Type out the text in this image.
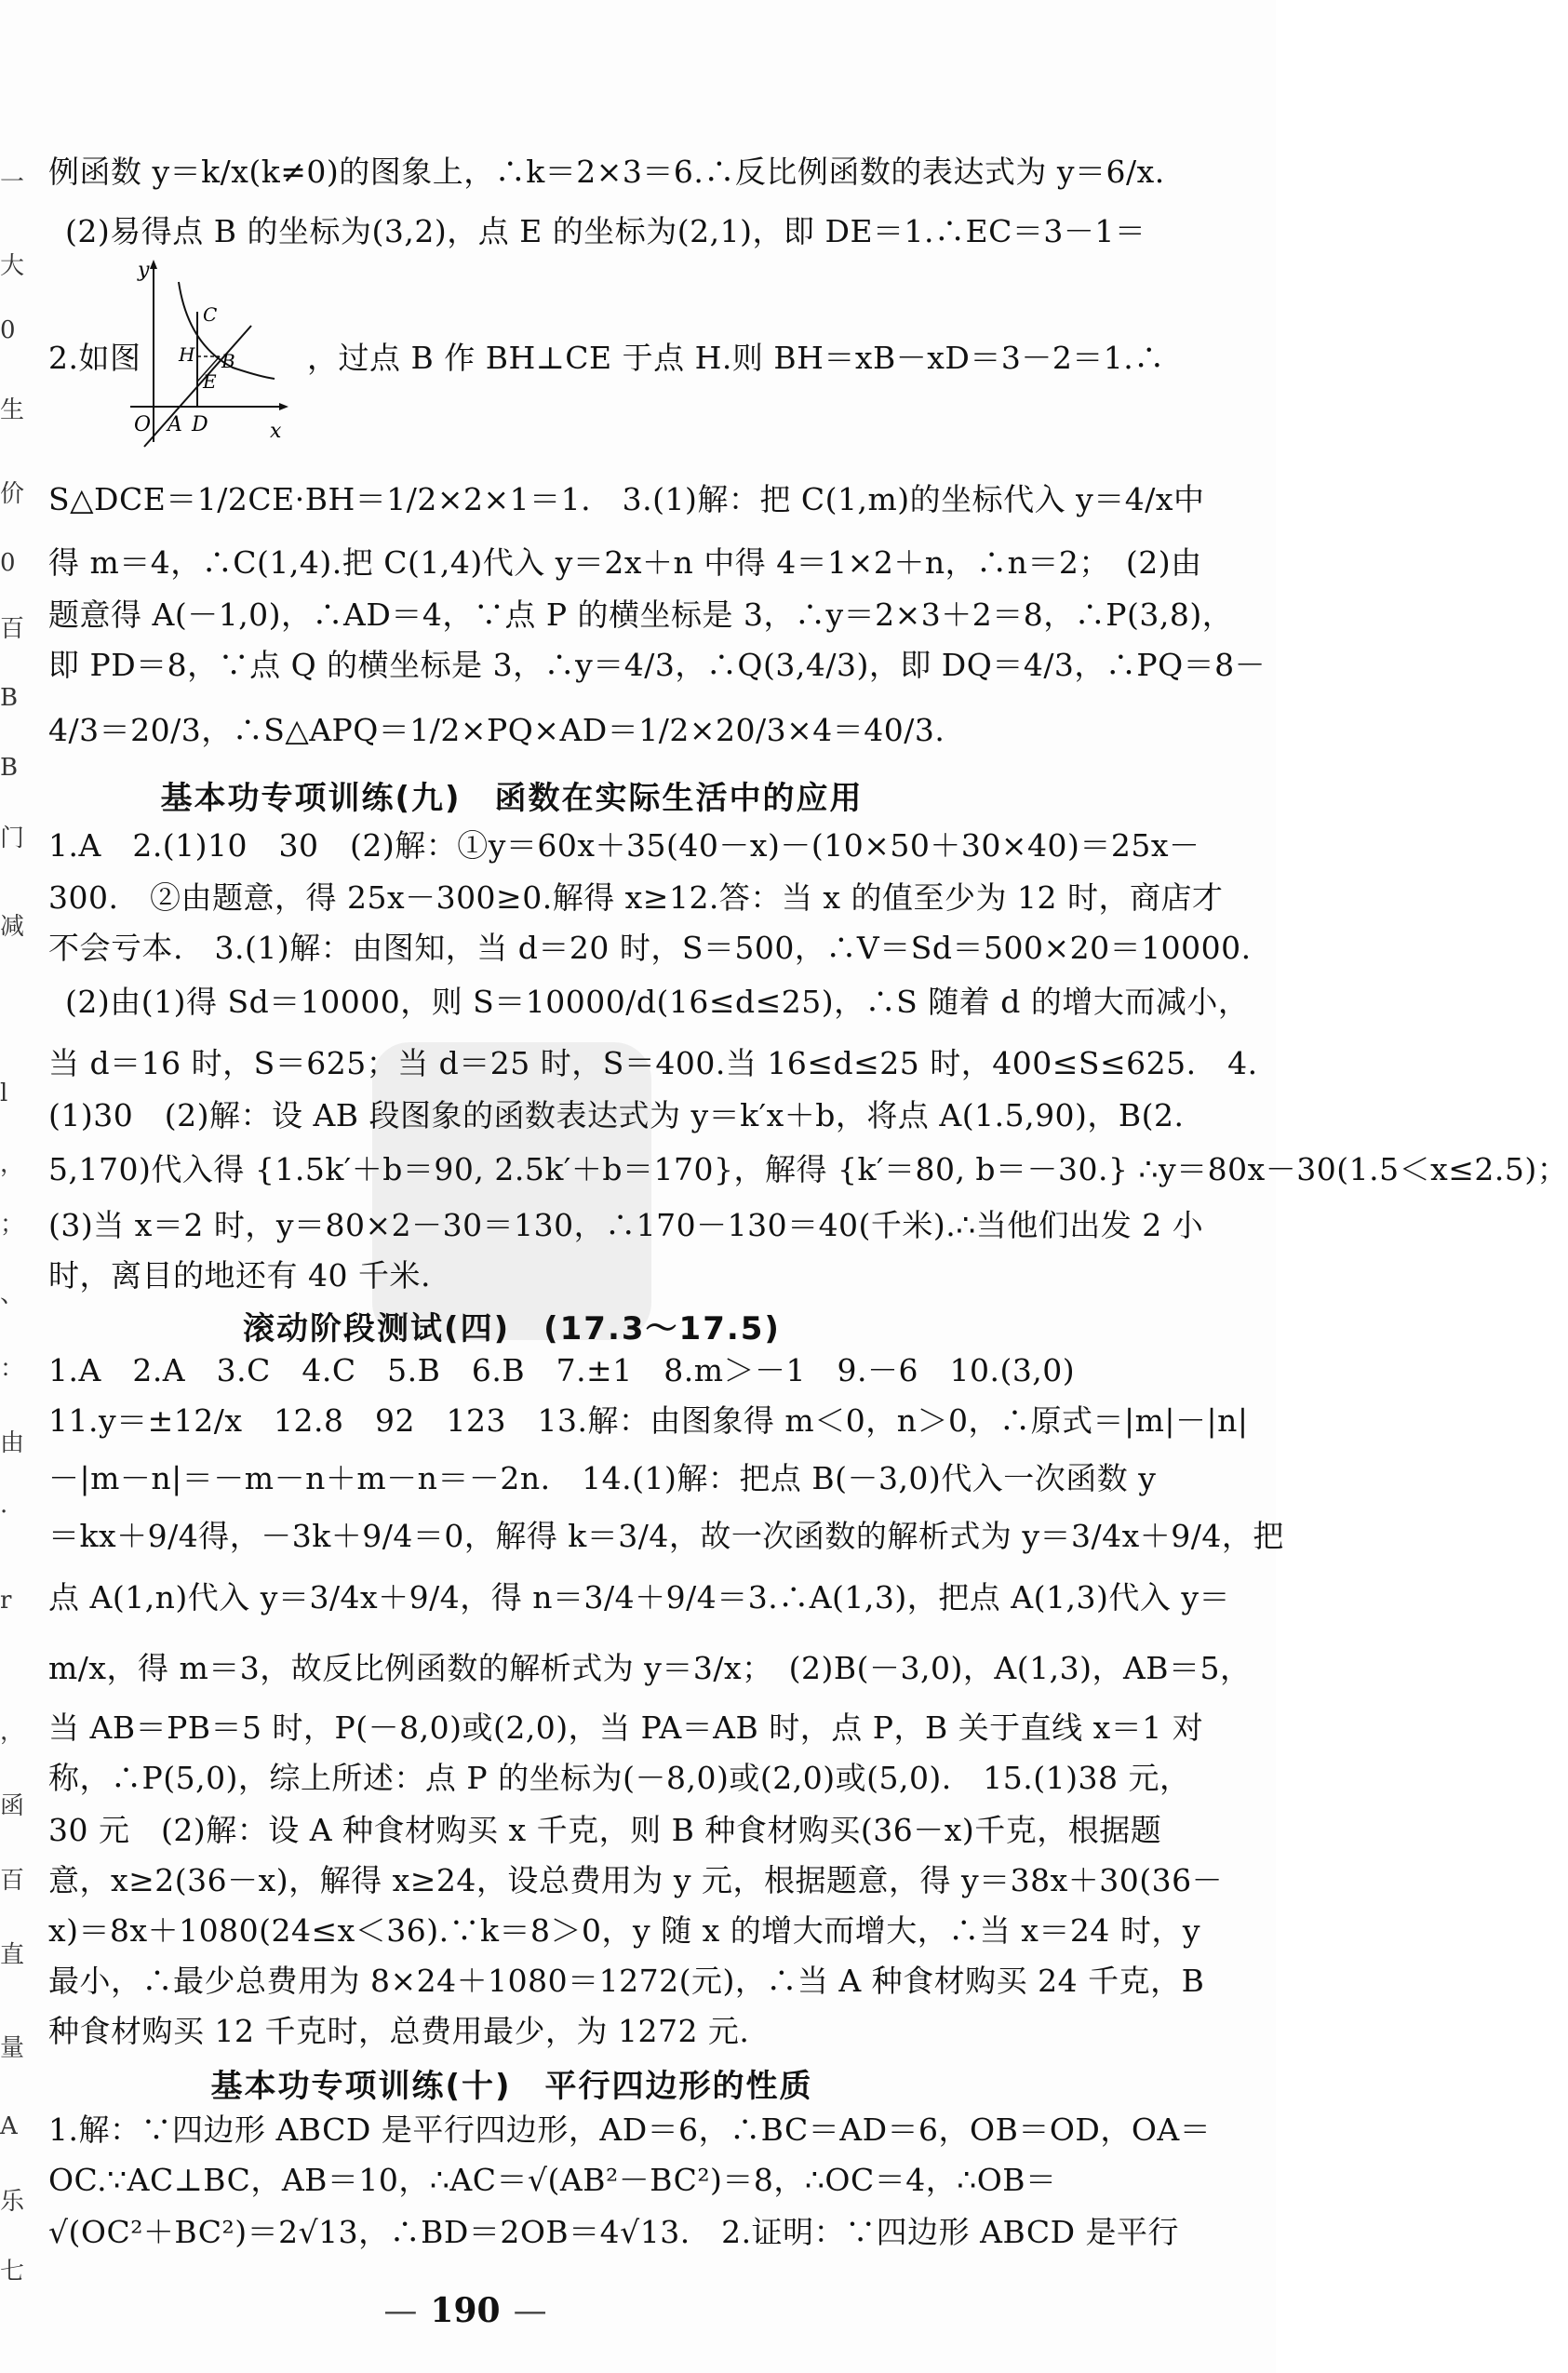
一
大
0
生
价
0
百
B
B
门
减
l
，
；
、
：
由
·
r
，
函
百
直
量
A
乐
七
例函数 y＝k/x(k≠0)的图象上，∴k＝2×3＝6.∴反比例函数的表达式为 y＝6/x.
(2)易得点 B 的坐标为(3,2)，点 E 的坐标为(2,1)，即 DE＝1.∴EC＝3－1＝
2.如图
y
C
H B
E
O A D	x
，过点 B 作 BH⊥CE 于点 H.则 BH＝xB－xD＝3－2＝1.∴
S△DCE＝1/2CE·BH＝1/2×2×1＝1.　3.(1)解：把 C(1,m)的坐标代入 y＝4/x中
得 m＝4，∴C(1,4).把 C(1,4)代入 y＝2x＋n 中得 4＝1×2＋n，∴n＝2；　(2)由
题意得 A(－1,0)，∴AD＝4，∵点 P 的横坐标是 3，∴y＝2×3＋2＝8，∴P(3,8)，
即 PD＝8，∵点 Q 的横坐标是 3，∴y＝4/3，∴Q(3,4/3)，即 DQ＝4/3，∴PQ＝8－
4/3＝20/3，∴S△APQ＝1/2×PQ×AD＝1/2×20/3×4＝40/3.
基本功专项训练(九)　函数在实际生活中的应用
1.A　2.(1)10　30　(2)解：①y＝60x＋35(40－x)－(10×50＋30×40)＝25x－
300.　②由题意，得 25x－300≥0.解得 x≥12.答：当 x 的值至少为 12 时，商店才
不会亏本.　3.(1)解：由图知，当 d＝20 时，S＝500，∴V＝Sd＝500×20＝10000.
(2)由(1)得 Sd＝10000，则 S＝10000/d(16≤d≤25)，∴S 随着 d 的增大而减小，
当 d＝16 时，S＝625；当 d＝25 时，S＝400.当 16≤d≤25 时，400≤S≤625.　4.
(1)30　(2)解：设 AB 段图象的函数表达式为 y＝k′x＋b，将点 A(1.5,90)，B(2.
5,170)代入得 {1.5k′＋b＝90, 2.5k′＋b＝170}，解得 {k′＝80, b＝－30.} ∴y＝80x－30(1.5＜x≤2.5)；
(3)当 x＝2 时，y＝80×2－30＝130，∴170－130＝40(千米).∴当他们出发 2 小
时，离目的地还有 40 千米.
滚动阶段测试(四)　(17.3～17.5)
1.A　2.A　3.C　4.C　5.B　6.B　7.±1　8.m＞－1　9.－6　10.(3,0)
11.y＝±12/x　12.8　92　123　13.解：由图象得 m＜0，n＞0，∴原式＝|m|－|n|
－|m－n|＝－m－n＋m－n＝－2n.　14.(1)解：把点 B(－3,0)代入一次函数 y
＝kx＋9/4得，－3k＋9/4＝0，解得 k＝3/4，故一次函数的解析式为 y＝3/4x＋9/4，把
点 A(1,n)代入 y＝3/4x＋9/4，得 n＝3/4＋9/4＝3.∴A(1,3)，把点 A(1,3)代入 y＝
m/x，得 m＝3，故反比例函数的解析式为 y＝3/x；　(2)B(－3,0)，A(1,3)，AB＝5，
当 AB＝PB＝5 时，P(－8,0)或(2,0)，当 PA＝AB 时，点 P，B 关于直线 x＝1 对
称，∴P(5,0)，综上所述：点 P 的坐标为(－8,0)或(2,0)或(5,0).　15.(1)38 元，
30 元　(2)解：设 A 种食材购买 x 千克，则 B 种食材购买(36－x)千克，根据题
意，x≥2(36－x)，解得 x≥24，设总费用为 y 元，根据题意，得 y＝38x＋30(36－
x)＝8x＋1080(24≤x＜36).∵k＝8＞0，y 随 x 的增大而增大，∴当 x＝24 时，y
最小，∴最少总费用为 8×24＋1080＝1272(元)，∴当 A 种食材购买 24 千克，B
种食材购买 12 千克时，总费用最少，为 1272 元.
基本功专项训练(十)　平行四边形的性质
1.解：∵四边形 ABCD 是平行四边形，AD＝6，∴BC＝AD＝6，OB＝OD，OA＝
OC.∵AC⊥BC，AB＝10，∴AC＝√(AB²－BC²)＝8，∴OC＝4，∴OB＝
√(OC²＋BC²)＝2√13，∴BD＝2OB＝4√13.　2.证明：∵四边形 ABCD 是平行
— 190 —
